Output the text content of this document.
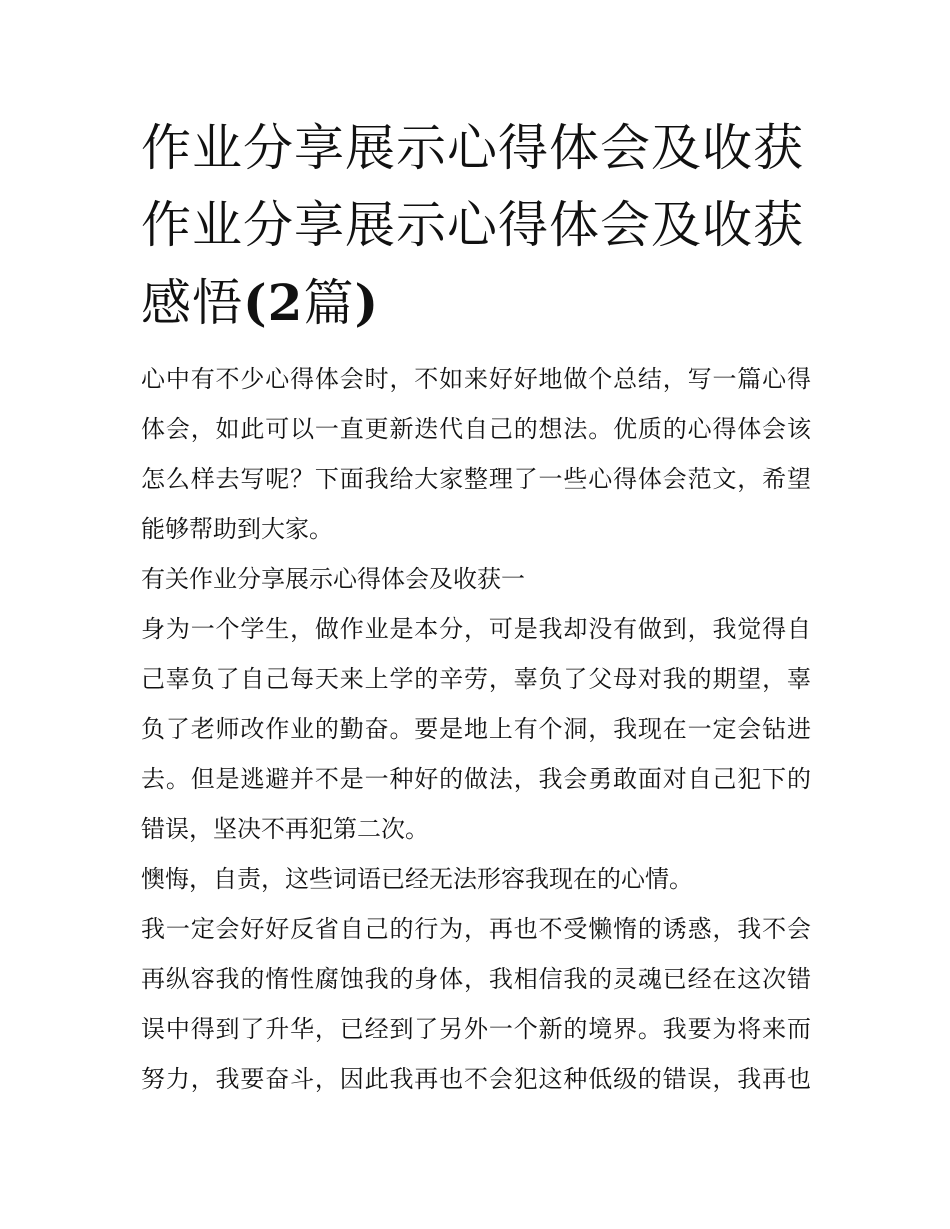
作业分享展示心得体会及收获
作业分享展示心得体会及收获
感悟(2篇)

心中有不少心得体会时，不如来好好地做个总结，写一篇心得
体会，如此可以一直更新迭代自己的想法。优质的心得体会该
怎么样去写呢？下面我给大家整理了一些心得体会范文，希望
能够帮助到大家。

有关作业分享展示心得体会及收获一

身为一个学生，做作业是本分，可是我却没有做到，我觉得自
己辜负了自己每天来上学的辛劳，辜负了父母对我的期望，辜
负了老师改作业的勤奋。要是地上有个洞，我现在一定会钻进
去。但是逃避并不是一种好的做法，我会勇敢面对自己犯下的
错误，坚决不再犯第二次。

懊悔，自责，这些词语已经无法形容我现在的心情。

我一定会好好反省自己的行为，再也不受懒惰的诱惑，我不会
再纵容我的惰性腐蚀我的身体，我相信我的灵魂已经在这次错
误中得到了升华，已经到了另外一个新的境界。我要为将来而
努力，我要奋斗，因此我再也不会犯这种低级的错误，我再也
